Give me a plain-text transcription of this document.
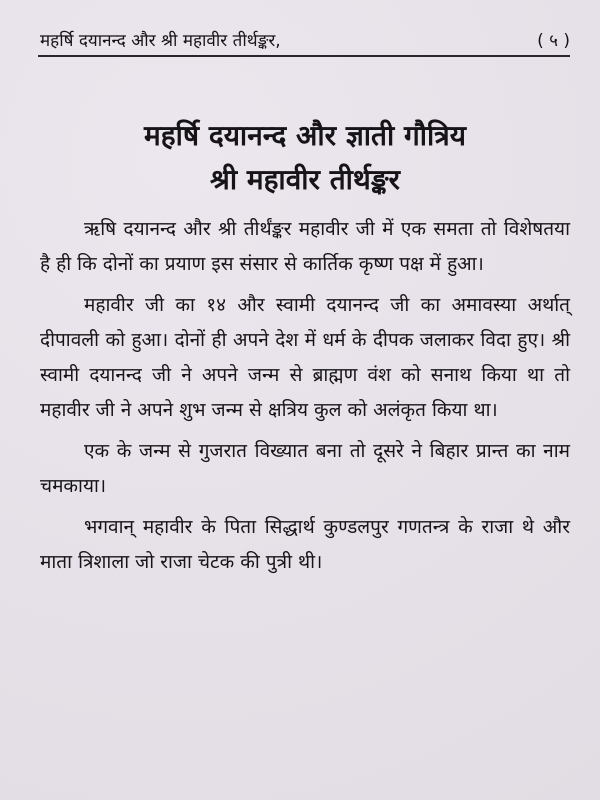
महर्षि दयानन्द और श्री महावीर तीर्थङ्कर,	( ५ )
महर्षि दयानन्द और ज्ञाती गौत्रिय
श्री महावीर तीर्थङ्कर

ऋषि दयानन्द और श्री तीर्थंङ्कर महावीर जी में एक समता तो विशेषतया है ही कि दोनों का प्रयाण इस संसार से कार्तिक कृष्ण पक्ष में हुआ।

महावीर जी का १४ और स्वामी दयानन्द जी का अमावस्या अर्थात् दीपावली को हुआ। दोनों ही अपने देश में धर्म के दीपक जलाकर विदा हुए। श्री स्वामी दयानन्द जी ने अपने जन्म से ब्राह्मण वंश को सनाथ किया था तो महावीर जी ने अपने शुभ जन्म से क्षत्रिय कुल को अलंकृत किया था।

एक के जन्म से गुजरात विख्यात बना तो दूसरे ने बिहार प्रान्त का नाम चमकाया।

भगवान् महावीर के पिता सिद्धार्थ कुण्डलपुर गणतन्त्र के राजा थे और माता त्रिशाला जो राजा चेटक की पुत्री थी।
